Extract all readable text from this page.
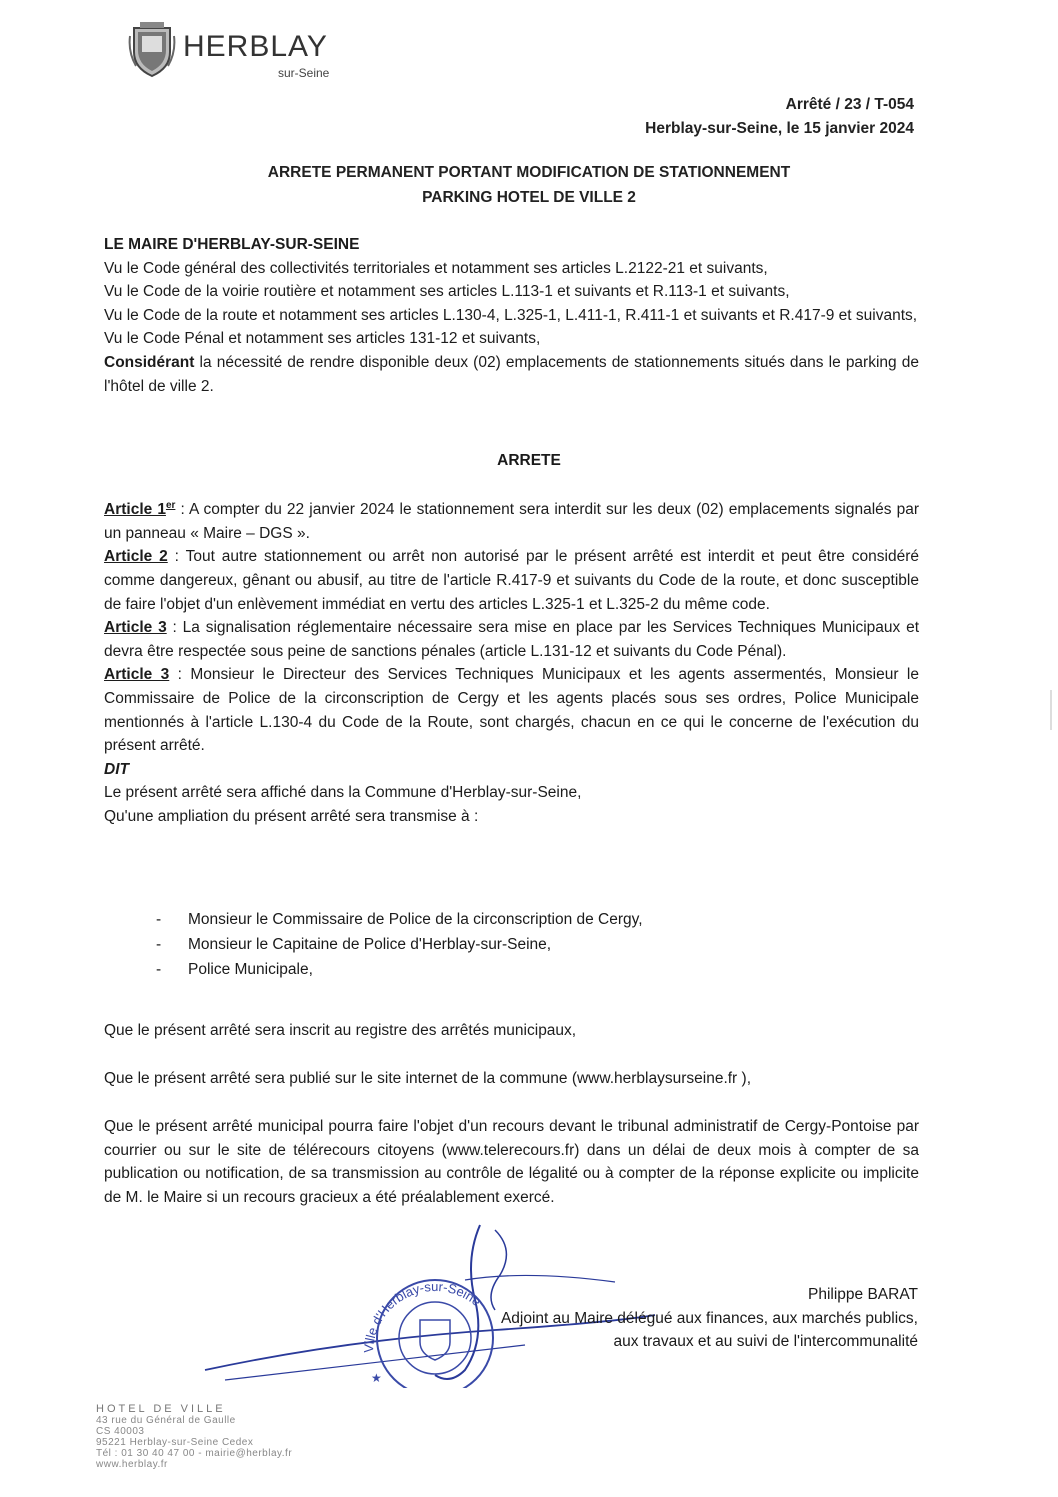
HERBLAY
sur-Seine
Arrêté / 23 / T-054
Herblay-sur-Seine, le 15 janvier 2024
ARRETE PERMANENT PORTANT MODIFICATION DE STATIONNEMENT
PARKING HOTEL DE VILLE 2

LE MAIRE D'HERBLAY-SUR-SEINE

Vu le Code général des collectivités territoriales et notamment ses articles L.2122-21 et suivants,

Vu le Code de la voirie routière et notamment ses articles L.113-1 et suivants et R.113-1 et suivants,

Vu le Code de la route et notamment ses articles L.130-4, L.325-1, L.411-1, R.411-1 et suivants et R.417-9 et suivants,

Vu le Code Pénal et notamment ses articles 131-12 et suivants,

Considérant la nécessité de rendre disponible deux (02) emplacements de stationnements situés dans le parking de l'hôtel de ville 2.

ARRETE

Article 1er : A compter du 22 janvier 2024 le stationnement sera interdit sur les deux (02) emplacements signalés par un panneau « Maire – DGS ».

Article 2 : Tout autre stationnement ou arrêt non autorisé par le présent arrêté est interdit et peut être considéré comme dangereux, gênant ou abusif, au titre de l'article R.417-9 et suivants du Code de la route, et donc susceptible de faire l'objet d'un enlèvement immédiat en vertu des articles L.325-1 et L.325-2 du même code.

Article 3 : La signalisation réglementaire nécessaire sera mise en place par les Services Techniques Municipaux et devra être respectée sous peine de sanctions pénales (article L.131-12 et suivants du Code Pénal).

Article 3 : Monsieur le Directeur des Services Techniques Municipaux et les agents assermentés, Monsieur le Commissaire de Police de la circonscription de Cergy et les agents placés sous ses ordres, Police Municipale mentionnés à l'article L.130-4 du Code de la Route, sont chargés, chacun en ce qui le concerne de l'exécution du présent arrêté.

DIT

Le présent arrêté sera affiché dans la Commune d'Herblay-sur-Seine,

Qu'une ampliation du présent arrêté sera transmise à :

- Monsieur le Commissaire de Police de la circonscription de Cergy,
- Monsieur le Capitaine de Police d'Herblay-sur-Seine,
- Police Municipale,
Que le présent arrêté sera inscrit au registre des arrêtés municipaux,
Que le présent arrêté sera publié sur le site internet de la commune (www.herblaysurseine.fr ),
Que le présent arrêté municipal pourra faire l'objet d'un recours devant le tribunal administratif de Cergy-Pontoise par courrier ou sur le site de télérecours citoyens (www.telerecours.fr) dans un délai de deux mois à compter de sa publication ou notification, de sa transmission au contrôle de légalité ou à compter de la réponse explicite ou implicite de M. le Maire si un recours gracieux a été préalablement exercé.
Ville d'Herblay-sur-Seine
★
Philippe BARAT
Adjoint au Maire délégué aux finances, aux marchés publics,
aux travaux et au suivi de l'intercommunalité
HOTEL DE VILLE
43 rue du Général de Gaulle
CS 40003
95221 Herblay-sur-Seine Cedex
Tél : 01 30 40 47 00 - mairie@herblay.fr
www.herblay.fr
